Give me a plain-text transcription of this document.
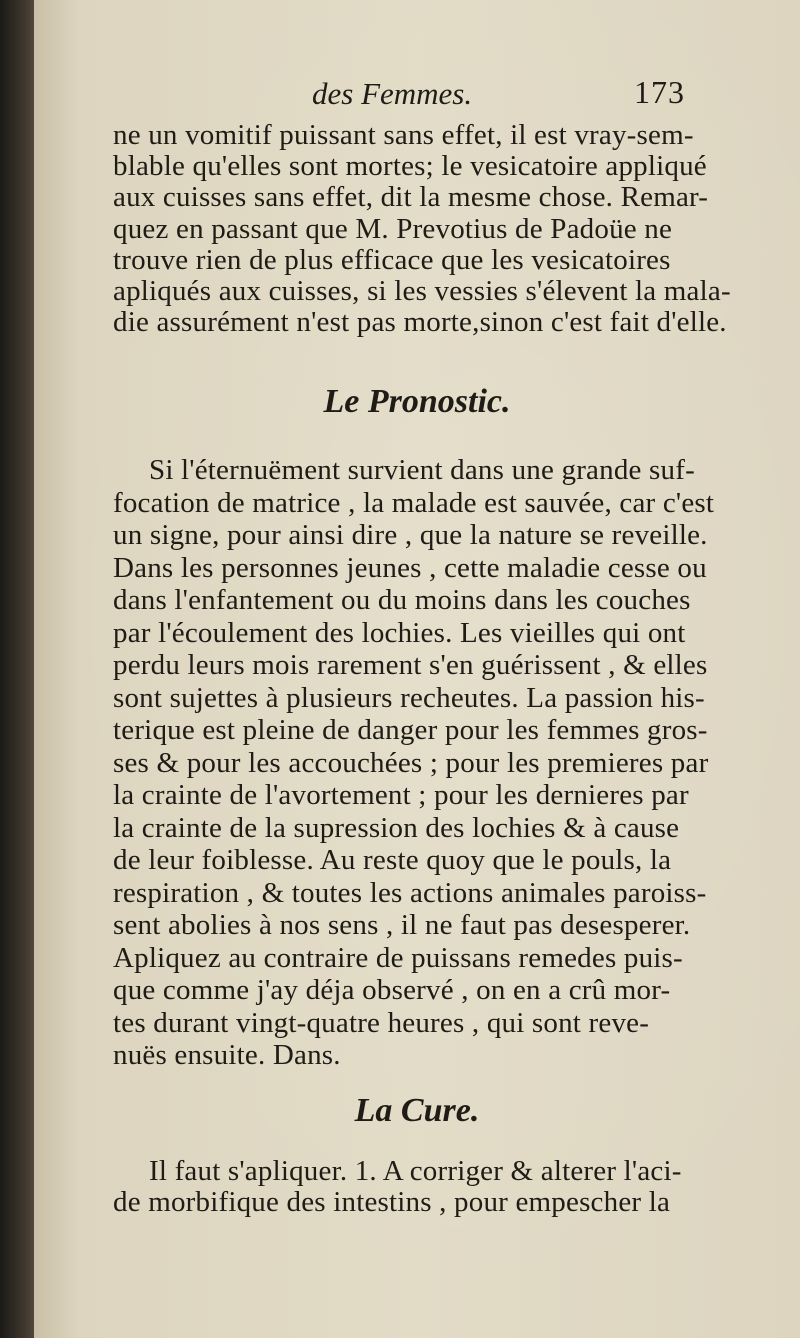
des Femmes.	173
ne un vomitif puissant sans effet, il est vray-sem-
blable qu'elles sont mortes; le vesicatoire appliqué
aux cuisses sans effet, dit la mesme chose. Remar-
quez en passant que M. Prevotius de Padoüe ne
trouve rien de plus efficace que les vesicatoires
apliqués aux cuisses, si les vessies s'élevent la mala-
die assurément n'est pas morte,sinon c'est fait d'elle.
Le Pronostic.
Si l'éternuëment survient dans une grande suf-
focation de matrice , la malade est sauvée, car c'est
un signe, pour ainsi dire , que la nature se reveille.
Dans les personnes jeunes , cette maladie cesse ou
dans l'enfantement ou du moins dans les couches
par l'écoulement des lochies. Les vieilles qui ont
perdu leurs mois rarement s'en guérissent , & elles
sont sujettes à plusieurs recheutes. La passion his-
terique est pleine de danger pour les femmes gros-
ses & pour les accouchées ; pour les premieres par
la crainte de l'avortement ; pour les dernieres par
la crainte de la supression des lochies & à cause
de leur foiblesse. Au reste quoy que le pouls, la
respiration , & toutes les actions animales paroiss-
sent abolies à nos sens , il ne faut pas desesperer.
Apliquez au contraire de puissans remedes puis-
que comme j'ay déja observé , on en a crû mor-
tes durant vingt-quatre heures , qui sont reve-
nuës ensuite. Dans.
La Cure.
Il faut s'apliquer. 1. A corriger & alterer l'aci-
de morbifique des intestins , pour empescher la
